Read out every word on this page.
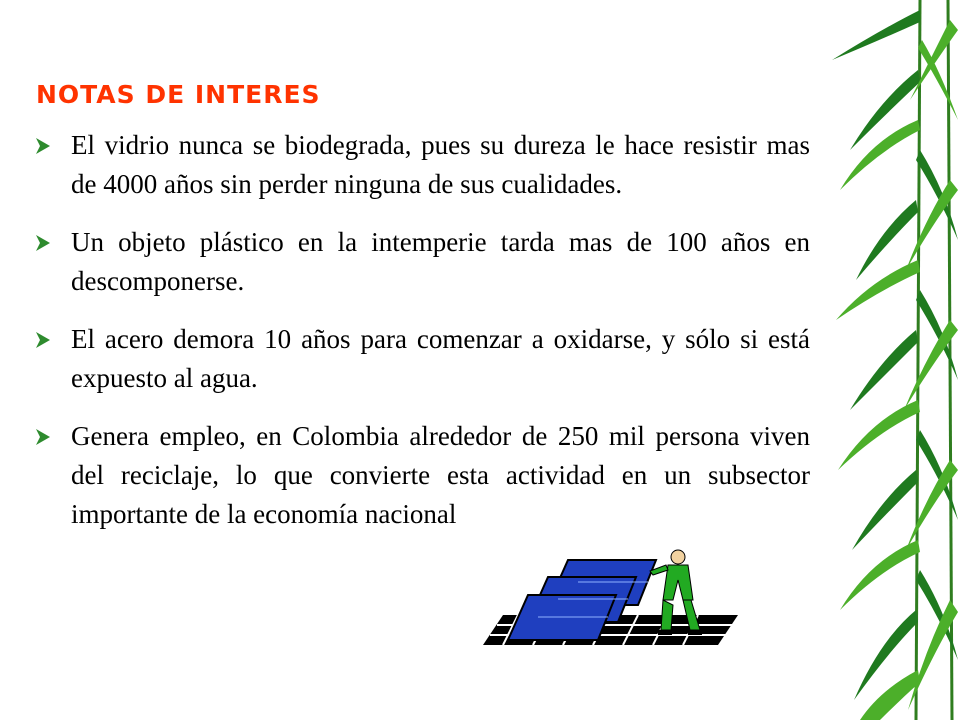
NOTAS DE INTERES
El vidrio nunca se biodegrada, pues su dureza le hace resistir mas de 4000 años sin perder ninguna de sus cualidades.
Un objeto plástico en la intemperie tarda mas de 100 años en descomponerse.
El acero demora 10 años para comenzar a oxidarse, y sólo si está expuesto al agua.
Genera empleo, en Colombia alrededor de 250 mil persona viven del reciclaje, lo que convierte esta actividad en un subsector importante de la economía nacional
